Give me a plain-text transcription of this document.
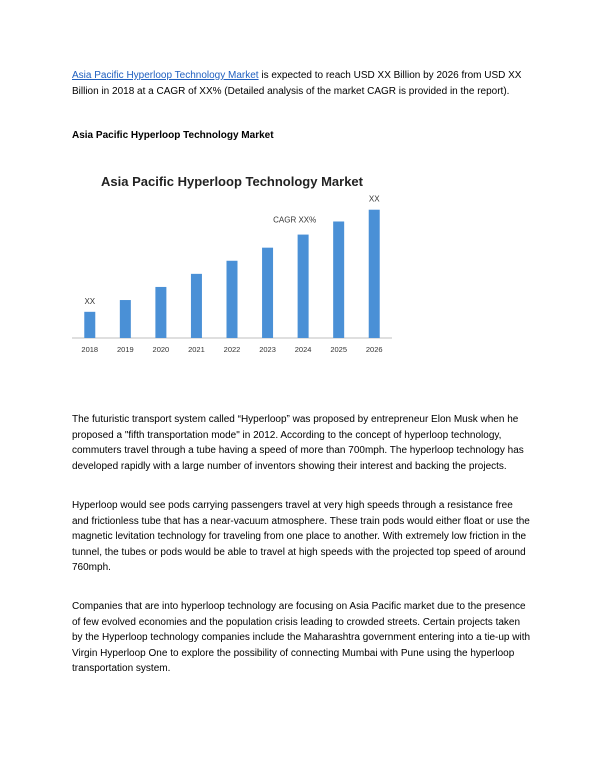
Asia Pacific Hyperloop Technology Market is expected to reach USD XX Billion by 2026 from USD XX Billion in 2018 at a CAGR of XX% (Detailed analysis of the market CAGR is provided in the report).

Asia Pacific Hyperloop Technology Market

Asia Pacific Hyperloop Technology Market
2018	2019	2020	2021	2022	2023	2024	2025	2026
XX
CAGR XX%
XX

The futuristic transport system called “Hyperloop” was proposed by entrepreneur Elon Musk when he proposed a "fifth transportation mode" in 2012. According to the concept of hyperloop technology, commuters travel through a tube having a speed of more than 700mph. The hyperloop technology has developed rapidly with a large number of inventors showing their interest and backing the projects.

Hyperloop would see pods carrying passengers travel at very high speeds through a resistance free and frictionless tube that has a near-vacuum atmosphere. These train pods would either float or use the magnetic levitation technology for traveling from one place to another. With extremely low friction in the tunnel, the tubes or pods would be able to travel at high speeds with the projected top speed of around 760mph.

Companies that are into hyperloop technology are focusing on Asia Pacific market due to the presence of few evolved economies and the population crisis leading to crowded streets. Certain projects taken by the Hyperloop technology companies include the Maharashtra government entering into a tie-up with Virgin Hyperloop One to explore the possibility of connecting Mumbai with Pune using the hyperloop transportation system.
